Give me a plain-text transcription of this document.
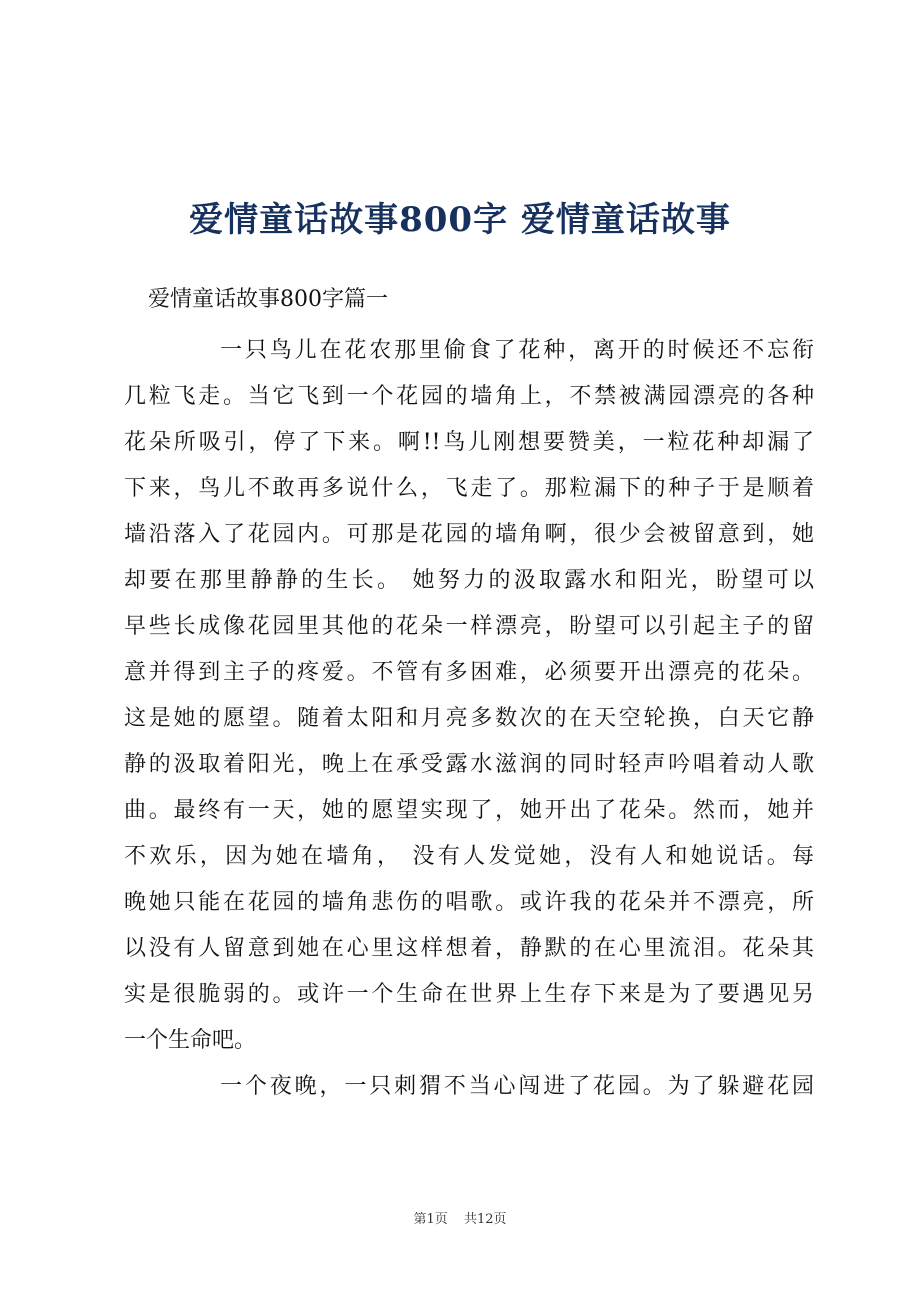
爱情童话故事800字 爱情童话故事
爱情童话故事800字篇一
一只鸟儿在花农那里偷食了花种，离开的时候还不忘衔
几粒飞走。当它飞到一个花园的墙角上，不禁被满园漂亮的各种
花朵所吸引，停了下来。啊!!鸟儿刚想要赞美，一粒花种却漏了
下来，鸟儿不敢再多说什么，飞走了。那粒漏下的种子于是顺着
墙沿落入了花园内。可那是花园的墙角啊，很少会被留意到，她
却要在那里静静的生长。 她努力的汲取露水和阳光，盼望可以
早些长成像花园里其他的花朵一样漂亮，盼望可以引起主子的留
意并得到主子的疼爱。不管有多困难，必须要开出漂亮的花朵。
这是她的愿望。随着太阳和月亮多数次的在天空轮换，白天它静
静的汲取着阳光，晚上在承受露水滋润的同时轻声吟唱着动人歌
曲。最终有一天，她的愿望实现了，她开出了花朵。然而，她并
不欢乐，因为她在墙角， 没有人发觉她，没有人和她说话。每
晚她只能在花园的墙角悲伤的唱歌。或许我的花朵并不漂亮，所
以没有人留意到她在心里这样想着，静默的在心里流泪。花朵其
实是很脆弱的。或许一个生命在世界上生存下来是为了要遇见另
一个生命吧。
一个夜晚，一只刺猬不当心闯进了花园。为了躲避花园
第1页 共12页
